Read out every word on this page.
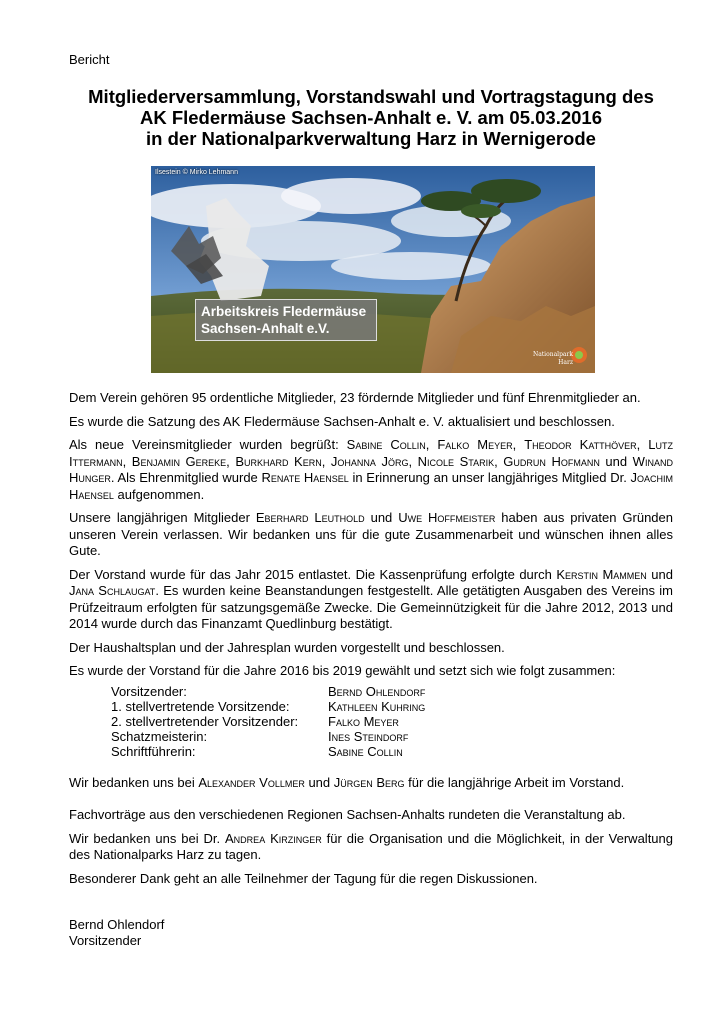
Bericht
Mitgliederversammlung, Vorstandswahl und Vortragstagung des
AK Fledermäuse Sachsen-Anhalt e. V. am 05.03.2016
in der Nationalparkverwaltung Harz in Wernigerode
Ilsestein © Mirko Lehmann
Arbeitskreis Fledermäuse
Sachsen-Anhalt e.V.
Nationalpark
Harz

Dem Verein gehören 95 ordentliche Mitglieder, 23 fördernde Mitglieder und fünf Ehrenmitglieder an.

Es wurde die Satzung des AK Fledermäuse Sachsen-Anhalt e. V. aktualisiert und beschlossen.

Als neue Vereinsmitglieder wurden begrüßt: Sabine Collin, Falko Meyer, Theodor Katthöver, Lutz Ittermann, Benjamin Gereke, Burkhard Kern, Johanna Jörg, Nicole Starik, Gudrun Hofmann und Winand Hunger. Als Ehrenmitglied wurde Renate Haensel in Erinnerung an unser langjähriges Mitglied Dr. Joachim Haensel aufgenommen.

Unsere langjährigen Mitglieder Eberhard Leuthold und Uwe Hoffmeister haben aus privaten Gründen unseren Verein verlassen. Wir bedanken uns für die gute Zusammenarbeit und wünschen ihnen alles Gute.

Der Vorstand wurde für das Jahr 2015 entlastet. Die Kassenprüfung erfolgte durch Kerstin Mammen und Jana Schlaugat. Es wurden keine Beanstandungen festgestellt. Alle getätigten Ausgaben des Vereins im Prüfzeitraum erfolgten für satzungsgemäße Zwecke. Die Gemeinnützigkeit für die Jahre 2012, 2013 und 2014 wurde durch das Finanzamt Quedlinburg bestätigt.

Der Haushaltsplan und der Jahresplan wurden vorgestellt und beschlossen.

Es wurde der Vorstand für die Jahre 2016 bis 2019 gewählt und setzt sich wie folgt zusammen:

Vorsitzender:	Bernd Ohlendorf
1. stellvertretende Vorsitzende:	Kathleen Kuhring
2. stellvertretender Vorsitzender:	Falko Meyer
Schatzmeisterin:	Ines Steindorf
Schriftführerin:	Sabine Collin

Wir bedanken uns bei Alexander Vollmer und Jürgen Berg für die langjährige Arbeit im Vorstand.

Fachvorträge aus den verschiedenen Regionen Sachsen-Anhalts rundeten die Veranstaltung ab.

Wir bedanken uns bei Dr. Andrea Kirzinger für die Organisation und die Möglichkeit, in der Verwaltung des Nationalparks Harz zu tagen.

Besonderer Dank geht an alle Teilnehmer der Tagung für die regen Diskussionen.

Bernd Ohlendorf
Vorsitzender
